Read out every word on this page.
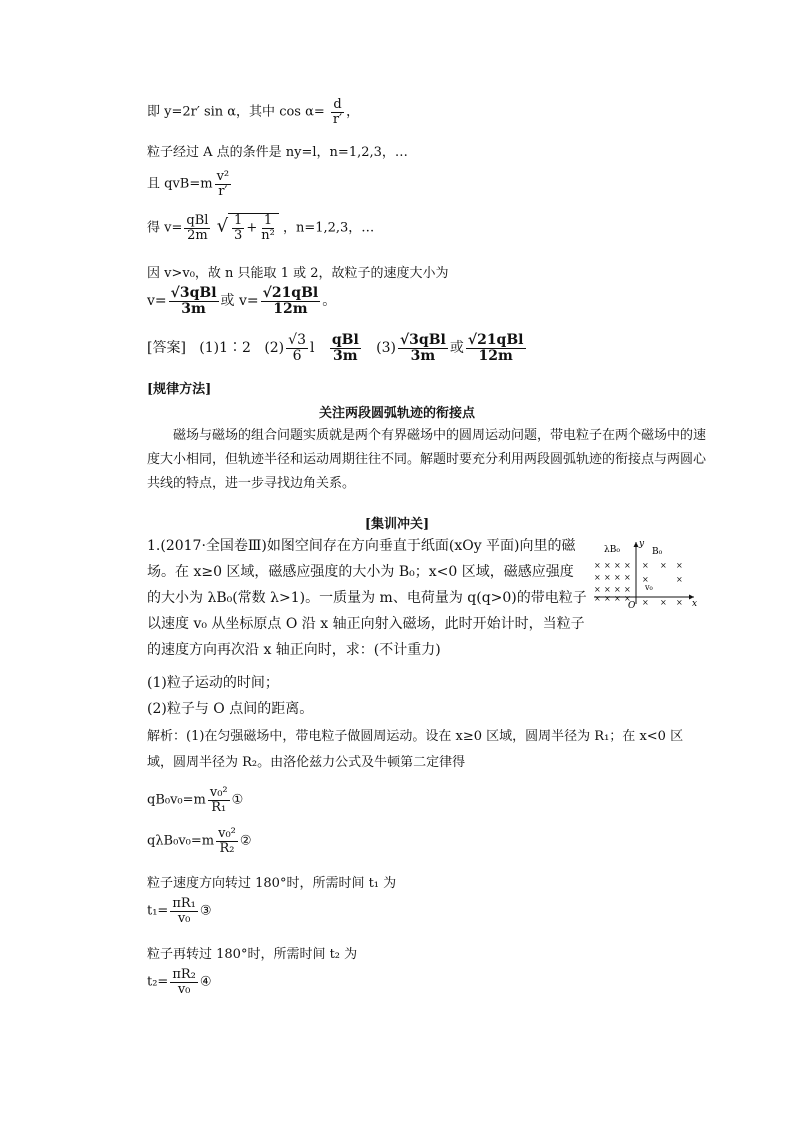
即 y=2r′ sin α，其中 $\cos \alpha= \frac{d}{r'}$ ，
粒子经过 A 点的条件是 ny=l，n=1,2,3，…
且 $qvB=m \frac{\text{v²}}{r'}$
得 $v= \frac{\text{qBl}}{2m}$ √ $\frac{1}{3} + \frac{1}{\text{n²}}$ ，n=1,2,3，…
因 v>v₀，故 n 只能取 1 或 2，故粒子的速度大小为
$v= \frac{\text{√3qBl}}{3m}$ 或 $v= \frac{\text{√21qBl}}{12m}$ 。
[答案] (1)1∶2 $(2) \frac{√3}{6}$ l $\frac{\text{qBl}}{3m} (3) \frac{\text{√3qBl}}{3m}$ 或 $\frac{\text{√21qBl}}{12m}$
[规律方法]
关注两段圆弧轨迹的衔接点
磁场与磁场的组合问题实质就是两个有界磁场中的圆周运动问题，带电粒子在两个磁场中的速度大小相同，但轨迹半径和运动周期往往不同。解题时要充分利用两段圆弧轨迹的衔接点与两圆心共线的特点，进一步寻找边角关系。
[集训冲关]
1.(2017·全国卷Ⅲ)如图空间存在方向垂直于纸面(xOy 平面)向里的磁场。在 x≥0 区域，磁感应强度的大小为 B₀；x<0 区域，磁感应强度的大小为 λB₀(常数 λ>1)。一质量为 m、电荷量为 q(q>0)的带电粒子以速度 v₀ 从坐标原点 O 沿 x 轴正向射入磁场，此时开始计时，当粒子的速度方向再次沿 x 轴正向时，求：(不计重力)
λB₀	B₀
y
x
O
v₀
× × × ×
× × × ×
× × × ×
× × × ×
× × ×
×	×
× × ×
(1)粒子运动的时间；
(2)粒子与 O 点间的距离。
解析：(1)在匀强磁场中，带电粒子做圆周运动。设在 x≥0 区域，圆周半径为 R₁；在 x<0 区域，圆周半径为 R₂。由洛伦兹力公式及牛顿第二定律得
$qB_0v_0=m \frac{\text{v₀²}}{\text{R₁}}$ ①
$q\lambda B_0v_0=m \frac{\text{v₀²}}{\text{R₂}}$ ②
粒子速度方向转过 180°时，所需时间 t₁ 为
$t_1= \frac{\text{πR₁}}{\text{v₀}}$ ③
粒子再转过 180°时，所需时间 t₂ 为
$t_2= \frac{\text{πR₂}}{\text{v₀}}$ ④
